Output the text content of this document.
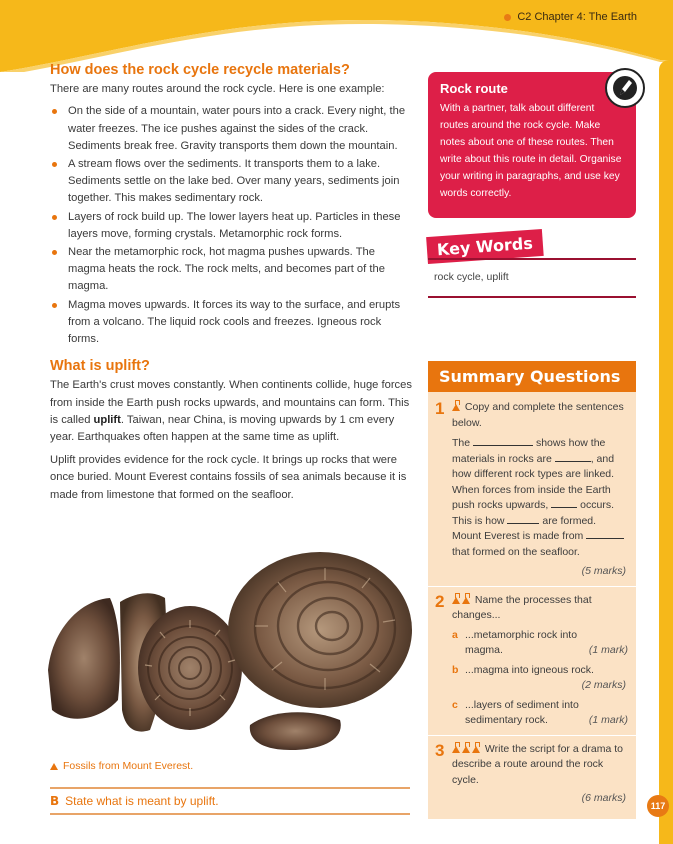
C2 Chapter 4: The Earth
117
How does the rock cycle recycle materials?
There are many routes around the rock cycle. Here is one example:
On the side of a mountain, water pours into a crack. Every night, the water freezes. The ice pushes against the sides of the crack. Sediments break free. Gravity transports them down the mountain.
A stream flows over the sediments. It transports them to a lake. Sediments settle on the lake bed. Over many years, sediments join together. This makes sedimentary rock.
Layers of rock build up. The lower layers heat up. Particles in these layers move, forming crystals. Metamorphic rock forms.
Near the metamorphic rock, hot magma pushes upwards. The magma heats the rock. The rock melts, and becomes part of the magma.
Magma moves upwards. It forces its way to the surface, and erupts from a volcano. The liquid rock cools and freezes. Igneous rock forms.
What is uplift?
The Earth's crust moves constantly. When continents collide, huge forces from inside the Earth push rocks upwards, and mountains can form. This is called uplift. Taiwan, near China, is moving upwards by 1 cm every year. Earthquakes often happen at the same time as uplift.
Uplift provides evidence for the rock cycle. It brings up rocks that were once buried. Mount Everest contains fossils of sea animals because it is made from limestone that formed on the seafloor.
Fossils from Mount Everest.
B State what is meant by uplift.
Rock route
With a partner, talk about different routes around the rock cycle. Make notes about one of these routes. Then write about this route in detail. Organise your writing in paragraphs, and use key words correctly.
Key Words
rock cycle, uplift
Summary Questions
1	Copy and complete the sentences below.
The	shows how the materials in rocks are	, and how different rock types are linked. When forces from inside the Earth push rocks upwards,	occurs. This is how	are formed. Mount Everest is made from  that formed on the seafloor.
(5 marks)
2	Name the processes that changes...
a ...metamorphic rock into
magma.	(1 mark)
b ...magma into igneous rock.
(2 marks)
c ...layers of sediment into
sedimentary rock.	(1 mark)
3	Write the script for a drama to describe a route around the rock cycle.
(6 marks)
